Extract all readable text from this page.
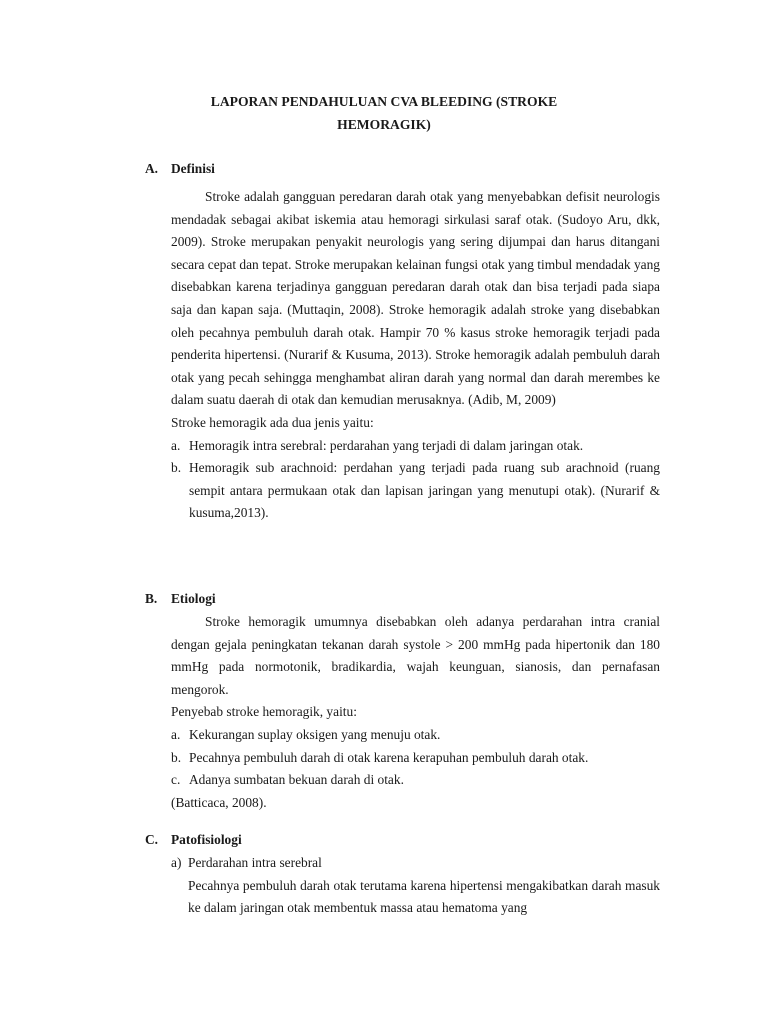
LAPORAN PENDAHULUAN CVA BLEEDING (STROKE
HEMORAGIK)
A. Definisi

Stroke adalah gangguan peredaran darah otak yang menyebabkan defisit neurologis mendadak sebagai akibat iskemia atau hemoragi sirkulasi saraf otak. (Sudoyo Aru, dkk, 2009). Stroke merupakan penyakit neurologis yang sering dijumpai dan harus ditangani secara cepat dan tepat. Stroke merupakan kelainan fungsi otak yang timbul mendadak yang disebabkan karena terjadinya gangguan peredaran darah otak dan bisa terjadi pada siapa saja dan kapan saja. (Muttaqin, 2008). Stroke hemoragik adalah stroke yang disebabkan oleh pecahnya pembuluh darah otak. Hampir 70 % kasus stroke hemoragik terjadi pada penderita hipertensi. (Nurarif & Kusuma, 2013). Stroke hemoragik adalah pembuluh darah otak yang pecah sehingga menghambat aliran darah yang normal dan darah merembes ke dalam suatu daerah di otak dan kemudian merusaknya. (Adib, M, 2009)

Stroke hemoragik ada dua jenis yaitu:

a. Hemoragik intra serebral: perdarahan yang terjadi di dalam jaringan otak.
b. Hemoragik sub arachnoid: perdahan yang terjadi pada ruang sub arachnoid (ruang sempit antara permukaan otak dan lapisan jaringan yang menutupi otak). (Nurarif & kusuma,2013).
B. Etiologi

Stroke hemoragik umumnya disebabkan oleh adanya perdarahan intra cranial dengan gejala peningkatan tekanan darah systole > 200 mmHg pada hipertonik dan 180 mmHg pada normotonik, bradikardia, wajah keunguan, sianosis, dan pernafasan mengorok.

Penyebab stroke hemoragik, yaitu:

a. Kekurangan suplay oksigen yang menuju otak.
b. Pecahnya pembuluh darah di otak karena kerapuhan pembuluh darah otak.
c. Adanya sumbatan bekuan darah di otak.

(Batticaca, 2008).

C. Patofisiologi
a) Perdarahan intra serebral

Pecahnya pembuluh darah otak terutama karena hipertensi mengakibatkan darah masuk ke dalam jaringan otak membentuk massa atau hematoma yang
